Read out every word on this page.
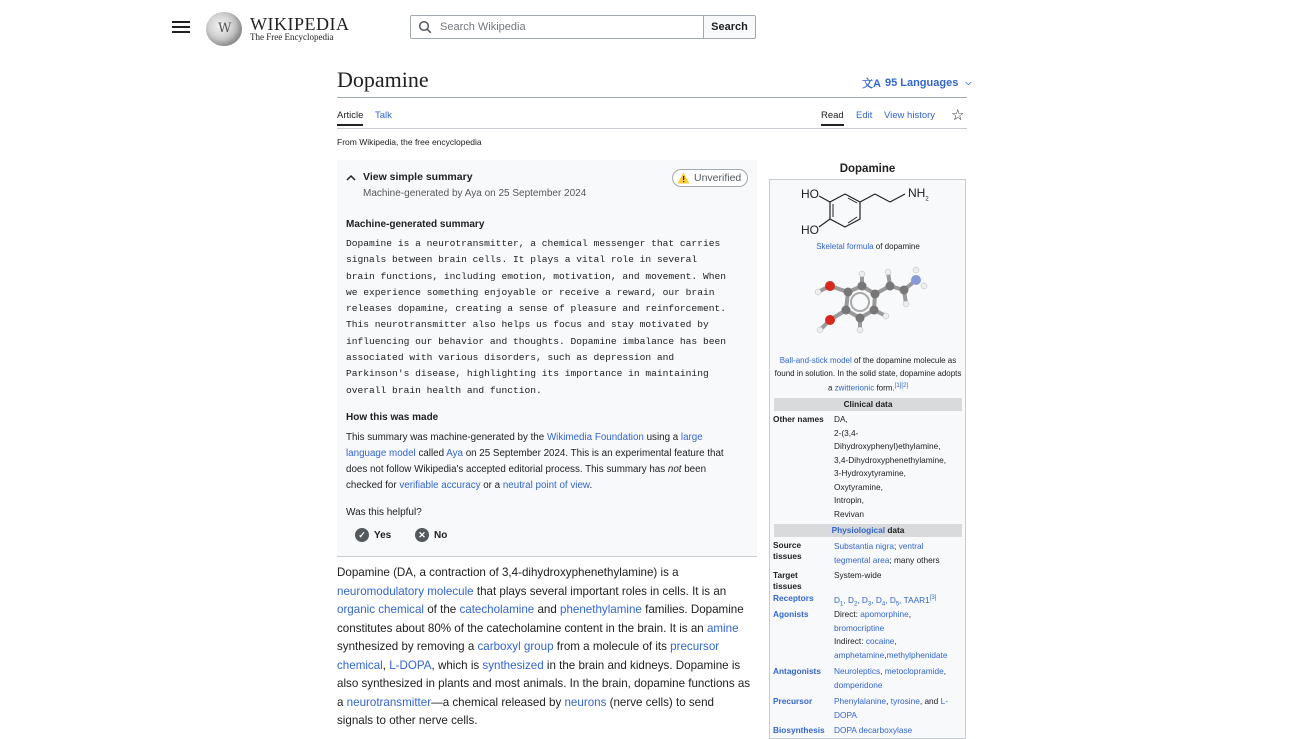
W
WIKIPEDIA
The Free Encyclopedia
Search Wikipedia
Search
Dopamine	文A 95 Languages ⌵
Article Talk	Read Edit View history ☆
From Wikipedia, the free encyclopedia
View simple summary
Machine-generated by Aya on 25 September 2024
Unverified
Machine-generated summary
Dopamine is a neurotransmitter, a chemical messenger that carries
signals between brain cells. It plays a vital role in several
brain functions, including emotion, motivation, and movement. When
we experience something enjoyable or receive a reward, our brain
releases dopamine, creating a sense of pleasure and reinforcement.
This neurotransmitter also helps us focus and stay motivated by
influencing our behavior and thoughts. Dopamine imbalance has been
associated with various disorders, such as depression and
Parkinson's disease, highlighting its importance in maintaining
overall brain health and function.
How this was made
This summary was machine-generated by the Wikimedia Foundation using a large language model called Aya on 25 September 2024. This is an experimental feature that does not follow Wikipedia's accepted editorial process. This summary has not been checked for verifiable accuracy or a neutral point of view.
Was this helpful?
✓ Yes	✕ No
Dopamine (DA, a contraction of 3,4-dihydroxyphenethylamine) is a neuromodulatory molecule that plays several important roles in cells. It is an organic chemical of the catecholamine and phenethylamine families. Dopamine constitutes about 80% of the catecholamine content in the brain. It is an amine synthesized by removing a carboxyl group from a molecule of its precursor chemical, L-DOPA, which is synthesized in the brain and kidneys. Dopamine is also synthesized in plants and most animals. In the brain, dopamine functions as a neurotransmitter—a chemical released by neurons (nerve cells) to send signals to other nerve cells.
Dopamine
HO
HO
$NH_2$
Skeletal formula of dopamine
Ball-and-stick model of the dopamine molecule as found in solution. In the solid state, dopamine adopts a zwitterionic form.[1][2]
Clinical data
Other names DA,
2-(3,4-
Dihydroxyphenyl)ethylamine,
3,4-Dihydroxyphenethylamine,
3-Hydroxytyramine,
Oxytyramine,
Intropin,
Revivan
Physiological data
Source tissues
Substantia nigra; ventral tegmental area; many others
Target tissues
System-wide
Receptors $D_1$, $D_2$, $D_3$, $D_4$, $D_5$, TAAR1[3]
Agonists	Direct: apomorphine,
bromocriptine
Indirect: cocaine,
amphetamine,methylphenidate
Antagonists Neuroleptics, metoclopramide,
domperidone
Precursor	Phenylalanine, tyrosine, and L-DOPA
Biosynthesis DOPA decarboxylase
